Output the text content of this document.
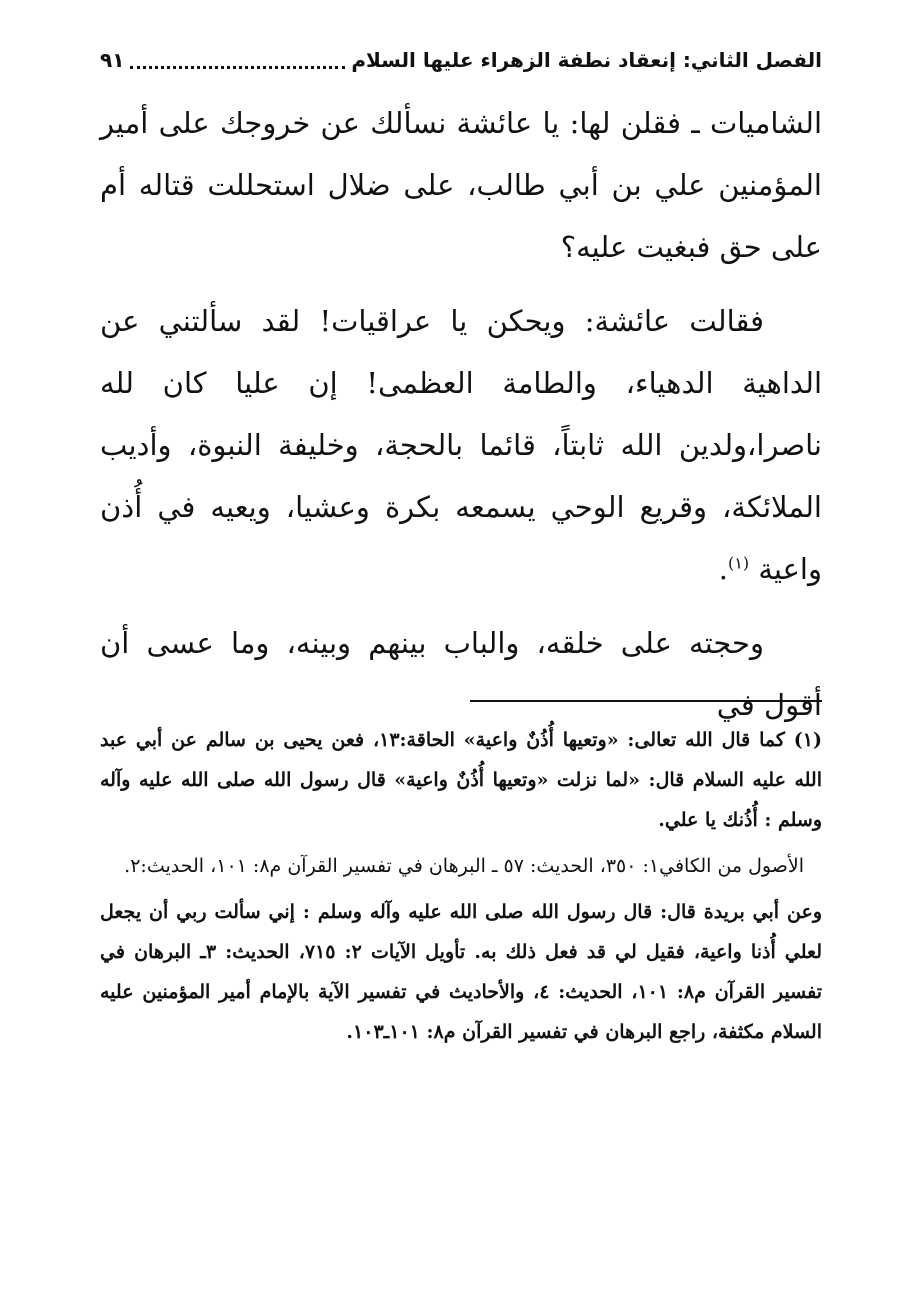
الفصل الثاني: إنعقاد نطفة الزهراء عليها السلام
٩١

الشاميات ـ فقلن لها: يا عائشة نسألك عن خروجك على أمير المؤمنين علي بن أبي طالب، على ضلال استحللت قتاله أم على حق فبغيت عليه؟

فقالت عائشة: ويحكن يا عراقيات! لقد سألتني عن الداهية الدهياء، والطامة العظمى! إن عليا كان لله ناصرا،ولدين الله ثابتاً، قائما بالحجة، وخليفة النبوة، وأديب الملائكة، وقريع الوحي يسمعه بكرة وعشيا، ويعيه في أُذن واعية $^{(١)}$.

وحجته على خلقه، والباب بينهم وبينه، وما عسى أن أقول في

(١) كما قال الله تعالى: «وتعيها أُذُنٌ واعية» الحاقة:١٣، فعن يحيى بن سالم عن أبي عبد الله عليه السلام قال: «لما نزلت «وتعيها أُذُنٌ واعية» قال رسول الله صلى الله عليه وآله وسلم : أُذُنك يا علي.

الأصول من الكافي١: ٣٥٠، الحديث: ٥٧ ـ البرهان في تفسير القرآن م٨: ١٠١، الحديث:٢.

وعن أبي بريدة قال: قال رسول الله صلى الله عليه وآله وسلم : إني سألت ربي أن يجعل لعلي أُذنا واعية، فقيل لي قد فعل ذلك به. تأويل الآيات ٢: ٧١٥، الحديث: ٣ـ البرهان في تفسير القرآن م٨: ١٠١، الحديث: ٤، والأحاديث في تفسير الآية بالإمام أمير المؤمنين عليه السلام مكثفة، راجع البرهان في تفسير القرآن م٨: ١٠١ـ١٠٣.
